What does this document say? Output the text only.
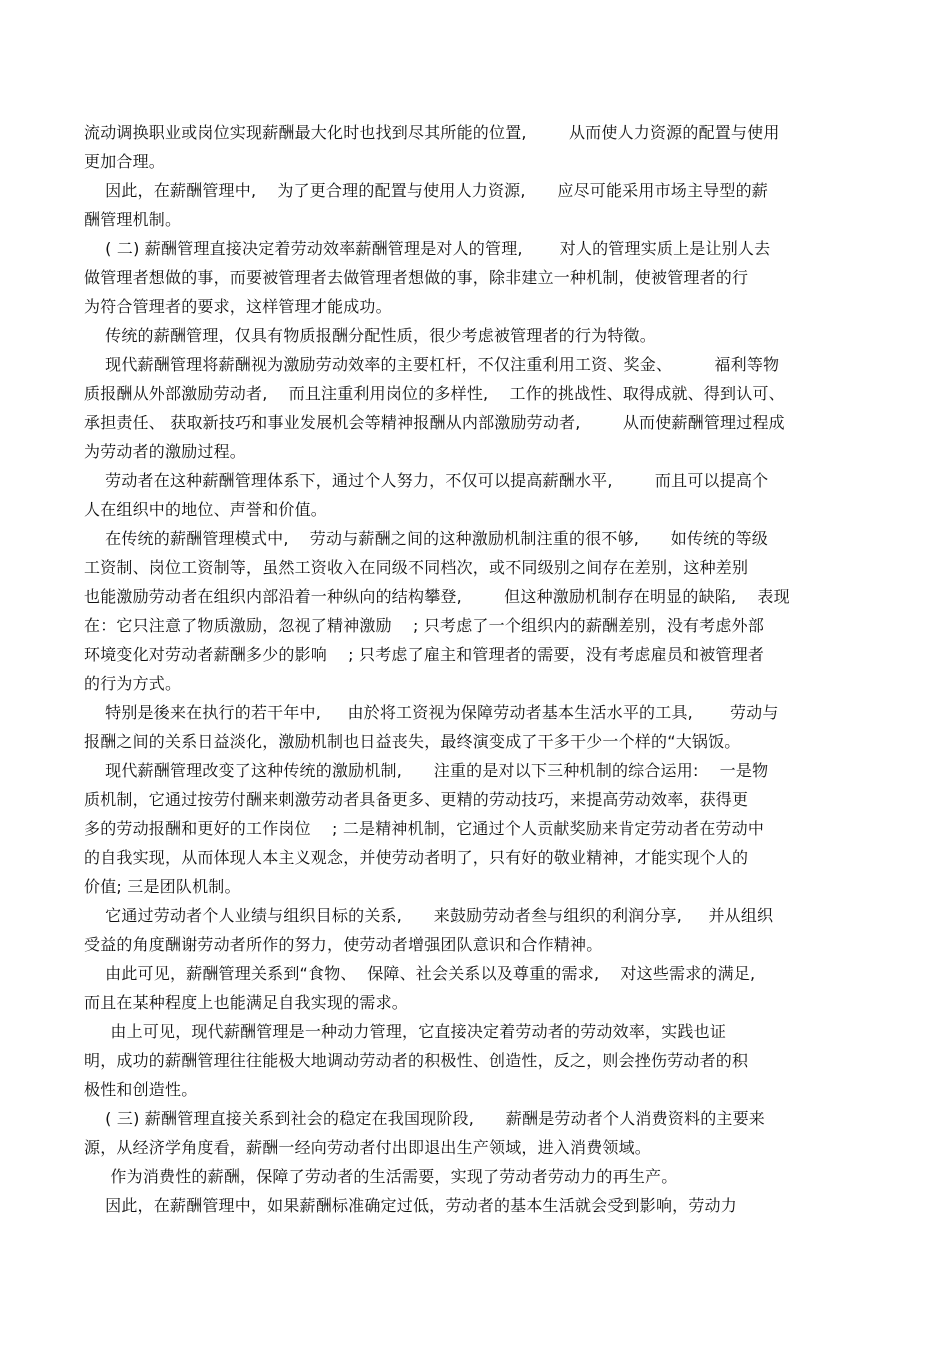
流动调换职业或岗位实现薪酬最大化时也找到尽其所能的位置,        从而使人力资源的配置与使用
更加合理。
因此，在薪酬管理中,    为了更合理的配置与使用人力资源,      应尽可能采用市场主导型的薪
酬管理机制。
( 二) 薪酬管理直接决定着劳动效率薪酬管理是对人的管理,       对人的管理实质上是让别人去
做管理者想做的事，而要被管理者去做管理者想做的事，除非建立一种机制，使被管理者的行
为符合管理者的要求，这样管理才能成功。
传统的薪酬管理，仅具有物质报酬分配性质，很少考虑被管理者的行为特徵。
现代薪酬管理将薪酬视为激励劳动效率的主要杠杆，不仅注重利用工资、奖金、        福利等物
质报酬从外部激励劳动者,    而且注重利用岗位的多样性,    工作的挑战性、取得成就、得到认可、
承担责任、 获取新技巧和事业发展机会等精神报酬从内部激励劳动者,        从而使薪酬管理过程成
为劳动者的激励过程。
劳动者在这种薪酬管理体系下，通过个人努力，不仅可以提高薪酬水平,        而且可以提高个
人在组织中的地位、声誉和价值。
在传统的薪酬管理模式中,    劳动与薪酬之间的这种激励机制注重的很不够,      如传统的等级
工资制、岗位工资制等，虽然工资收入在同级不同档次，或不同级别之间存在差别，这种差别
也能激励劳动者在组织内部沿着一种纵向的结构攀登,        但这种激励机制存在明显的缺陷,    表现
在：它只注意了物质激励，忽视了精神激励    ; 只考虑了一个组织内的薪酬差别，没有考虑外部
环境变化对劳动者薪酬多少的影响    ; 只考虑了雇主和管理者的需要，没有考虑雇员和被管理者
的行为方式。
特别是後来在执行的若干年中,     由於将工资视为保障劳动者基本生活水平的工具,       劳动与
报酬之间的关系日益淡化，激励机制也日益丧失，最终演变成了干多干少一个样的“大锅饭。
现代薪酬管理改变了这种传统的激励机制,      注重的是对以下三种机制的综合运用:    一是物
质机制，它通过按劳付酬来刺激劳动者具备更多、更精的劳动技巧，来提高劳动效率，获得更
多的劳动报酬和更好的工作岗位    ; 二是精神机制，它通过个人贡献奖励来肯定劳动者在劳动中
的自我实现，从而体现人本主义观念，并使劳动者明了，只有好的敬业精神，才能实现个人的
价值; 三是团队机制。
它通过劳动者个人业绩与组织目标的关系,      来鼓励劳动者叁与组织的利润分享,     并从组织
受益的角度酬谢劳动者所作的努力，使劳动者增强团队意识和合作精神。
由此可见，薪酬管理关系到“食物、  保障、社会关系以及尊重的需求,    对这些需求的满足,
而且在某种程度上也能满足自我实现的需求。
由上可见，现代薪酬管理是一种动力管理，它直接决定着劳动者的劳动效率，实践也证
明，成功的薪酬管理往往能极大地调动劳动者的积极性、创造性，反之，则会挫伤劳动者的积
极性和创造性。
( 三) 薪酬管理直接关系到社会的稳定在我国现阶段,      薪酬是劳动者个人消费资料的主要来
源，从经济学角度看，薪酬一经向劳动者付出即退出生产领域，进入消费领域。
作为消费性的薪酬，保障了劳动者的生活需要，实现了劳动者劳动力的再生产。
因此，在薪酬管理中，如果薪酬标准确定过低，劳动者的基本生活就会受到影响，劳动力
